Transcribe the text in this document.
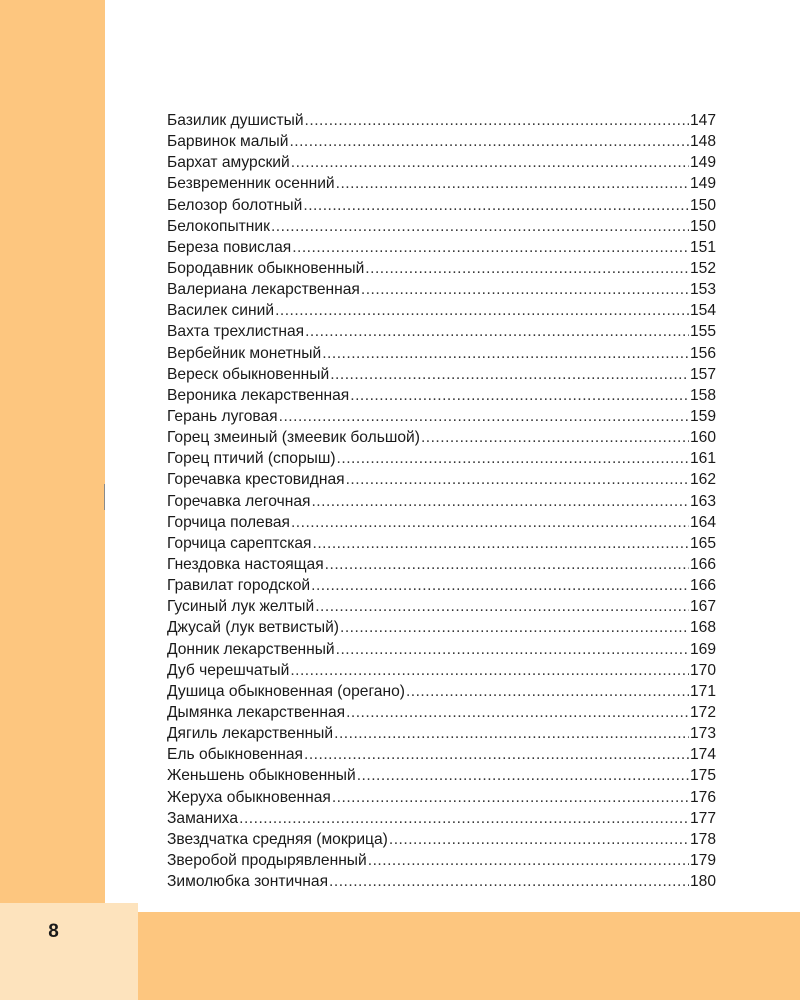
8
Базилик душистый .....	147
Барвинок малый .....	148
Бархат амурский .....	149
Безвременник осенний .....	149
Белозор болотный .....	150
Белокопытник .....	150
Береза повислая .....	151
Бородавник обыкновенный .....	152
Валериана лекарственная .....	153
Василек синий .....	154
Вахта трехлистная .....	155
Вербейник монетный .....	156
Вереск обыкновенный .....	157
Вероника лекарственная .....	158
Герань луговая .....	159
Горец змеиный (змеевик большой) .....	160
Горец птичий (спорыш) .....	161
Горечавка крестовидная .....	162
Горечавка легочная .....	163
Горчица полевая .....	164
Горчица сарептская .....	165
Гнездовка настоящая .....	166
Гравилат городской .....	166
Гусиный лук желтый .....	167
Джусай (лук ветвистый) .....	168
Донник лекарственный .....	169
Дуб черешчатый .....	170
Душица обыкновенная (орегано) .....	171
Дымянка лекарственная .....	172
Дягиль лекарственный .....	173
Ель обыкновенная .....	174
Женьшень обыкновенный .....	175
Жеруха обыкновенная .....	176
Заманиха .....	177
Звездчатка средняя (мокрица) .....	178
Зверобой продырявленный .....	179
Зимолюбка зонтичная .....	180
